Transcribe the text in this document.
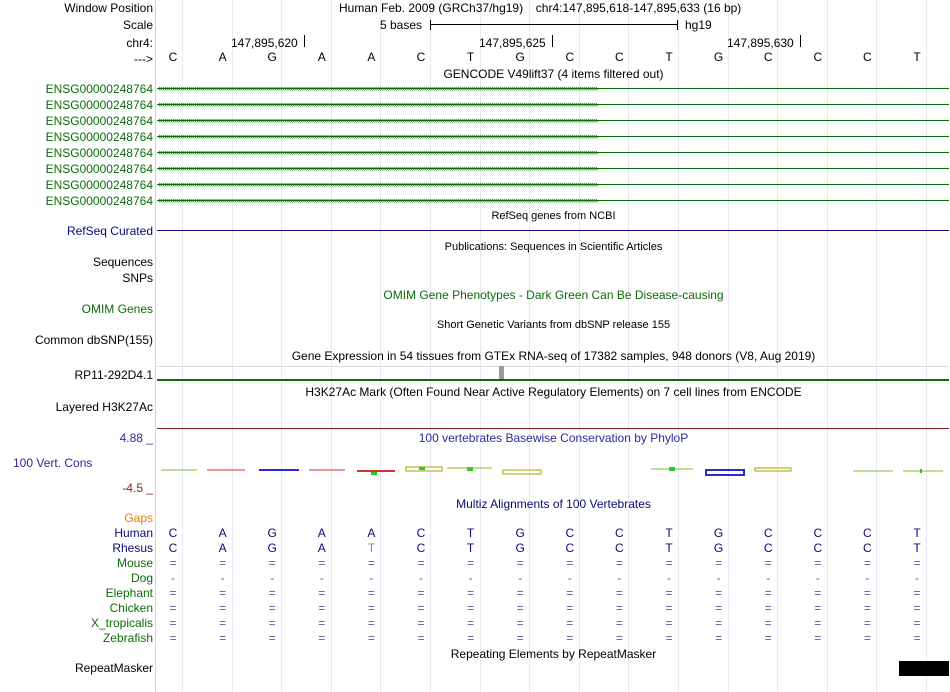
Window Position	Human Feb. 2009 (GRCh37/hg19) chr4:147,895,618-147,895,633 (16 bp)
Scale	5 bases	hg19
chr4:	147,895,620	147,895,625	147,895,630
--->	C	A	G	A	A	C	T	G	C	C	T	G	C	C	C	T
GENCODE V49lift37 (4 items filtered out)
ENSG00000248764 ››››››››››››››››››››››››››››››››››››››››››››››››››››››››››››››››››››››››››››››››››››››››››››››››››››››››››››››››››››››››››››››››››››››››››››››››››››››››››››››››››››››››››››››››››››››››››››››››››››››››››››››››››››››››››››
ENSG00000248764 ››››››››››››››››››››››››››››››››››››››››››››››››››››››››››››››››››››››››››››››››››››››››››››››››››››››››››››››››››››››››››››››››››››››››››››››››››››››››››››››››››››››››››››››››››››››››››››››››››››››››››››››››››››››››››››
ENSG00000248764 ››››››››››››››››››››››››››››››››››››››››››››››››››››››››››››››››››››››››››››››››››››››››››››››››››››››››››››››››››››››››››››››››››››››››››››››››››››››››››››››››››››››››››››››››››››››››››››››››››››››››››››››››››››››››››››
ENSG00000248764 ››››››››››››››››››››››››››››››››››››››››››››››››››››››››››››››››››››››››››››››››››››››››››››››››››››››››››››››››››››››››››››››››››››››››››››››››››››››››››››››››››››››››››››››››››››››››››››››››››››››››››››››››››››››››››››
ENSG00000248764 ››››››››››››››››››››››››››››››››››››››››››››››››››››››››››››››››››››››››››››››››››››››››››››››››››››››››››››››››››››››››››››››››››››››››››››››››››››››››››››››››››››››››››››››››››››››››››››››››››››››››››››››››››››››››››››
ENSG00000248764 ››››››››››››››››››››››››››››››››››››››››››››››››››››››››››››››››››››››››››››››››››››››››››››››››››››››››››››››››››››››››››››››››››››››››››››››››››››››››››››››››››››››››››››››››››››››››››››››››››››››››››››››››››››››››››››
ENSG00000248764 ››››››››››››››››››››››››››››››››››››››››››››››››››››››››››››››››››››››››››››››››››››››››››››››››››››››››››››››››››››››››››››››››››››››››››››››››››››››››››››››››››››››››››››››››››››››››››››››››››››››››››››››››››››››››››››
ENSG00000248764 ››››››››››››››››››››››››››››››››››››››››››››››››››››››››››››››››››››››››››››››››››››››››››››››››››››››››››››››››››››››››››››››››››››››››››››››››››››››››››››››››››››››››››››››››››››››››››››››››››››››››››››››››››››››››››››
RefSeq genes from NCBI
RefSeq Curated
Publications: Sequences in Scientific Articles
Sequences
SNPs
OMIM Gene Phenotypes - Dark Green Can Be Disease-causing
OMIM Genes
Short Genetic Variants from dbSNP release 155
Common dbSNP(155)
Gene Expression in 54 tissues from GTEx RNA-seq of 17382 samples, 948 donors (V8, Aug 2019)
RP11-292D4.1
H3K27Ac Mark (Often Found Near Active Regulatory Elements) on 7 cell lines from ENCODE
Layered H3K27Ac
100 vertebrates Basewise Conservation by PhyloP
4.88 _
100 Vert. Cons
-4.5 _
Multiz Alignments of 100 Vertebrates
Gaps
Human	C	A	G	A	A	C	T	G	C	C	T	G	C	C	C	T
Rhesus	C	A	G	A	T	C	T	G	C	C	T	G	C	C	C	T
Mouse	=	=	=	=	=	=	=	=	=	=	=	=	=	=	=	=
Dog	-	-	-	-	-	-	-	-	-	-	-	-	-	-	-	-
Elephant	=	=	=	=	=	=	=	=	=	=	=	=	=	=	=	=
Chicken	=	=	=	=	=	=	=	=	=	=	=	=	=	=	=	=
X_tropicalis	=	=	=	=	=	=	=	=	=	=	=	=	=	=	=	=
Zebrafish	=	=	=	=	=	=	=	=	=	=	=	=	=	=	=	=
Repeating Elements by RepeatMasker
RepeatMasker
